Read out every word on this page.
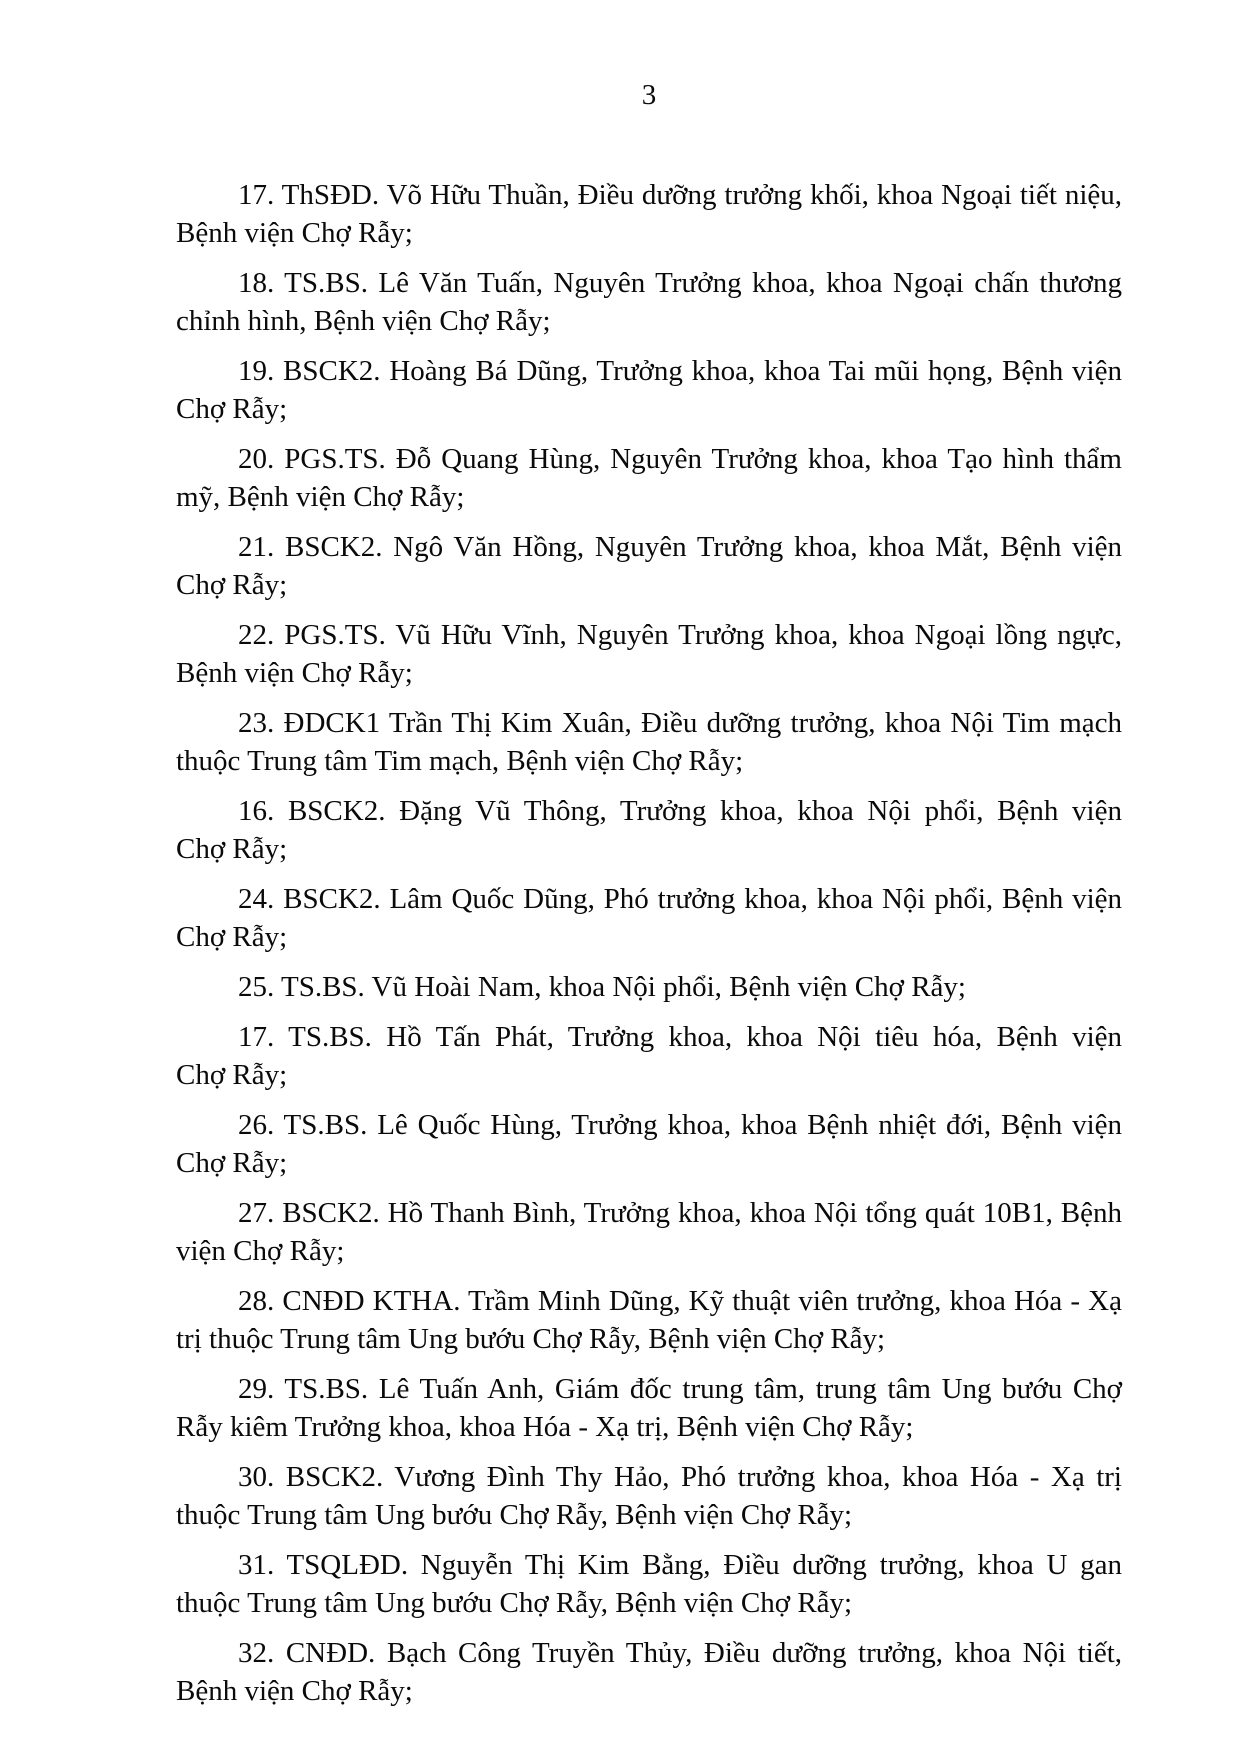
3
17. ThSĐD. Võ Hữu Thuần, Điều dưỡng trưởng khối, khoa Ngoại tiết niệu,
Bệnh viện Chợ Rẫy;
18. TS.BS. Lê Văn Tuấn, Nguyên Trưởng khoa, khoa Ngoại chấn thương
chỉnh hình, Bệnh viện Chợ Rẫy;
19. BSCK2. Hoàng Bá Dũng, Trưởng khoa, khoa Tai mũi họng, Bệnh viện
Chợ Rẫy;
20. PGS.TS. Đỗ Quang Hùng, Nguyên Trưởng khoa, khoa Tạo hình thẩm
mỹ, Bệnh viện Chợ Rẫy;
21. BSCK2. Ngô Văn Hồng, Nguyên Trưởng khoa, khoa Mắt, Bệnh viện
Chợ Rẫy;
22. PGS.TS. Vũ Hữu Vĩnh, Nguyên Trưởng khoa, khoa Ngoại lồng ngực,
Bệnh viện Chợ Rẫy;
23. ĐDCK1 Trần Thị Kim Xuân, Điều dưỡng trưởng, khoa Nội Tim mạch
thuộc Trung tâm Tim mạch, Bệnh viện Chợ Rẫy;
16. BSCK2. Đặng Vũ Thông, Trưởng khoa, khoa Nội phổi, Bệnh viện
Chợ Rẫy;
24. BSCK2. Lâm Quốc Dũng, Phó trưởng khoa, khoa Nội phổi, Bệnh viện
Chợ Rẫy;
25. TS.BS. Vũ Hoài Nam, khoa Nội phổi, Bệnh viện Chợ Rẫy;
17. TS.BS. Hồ Tấn Phát, Trưởng khoa, khoa Nội tiêu hóa, Bệnh viện
Chợ Rẫy;
26. TS.BS. Lê Quốc Hùng, Trưởng khoa, khoa Bệnh nhiệt đới, Bệnh viện
Chợ Rẫy;
27. BSCK2. Hồ Thanh Bình, Trưởng khoa, khoa Nội tổng quát 10B1, Bệnh
viện Chợ Rẫy;
28. CNĐD KTHA. Trầm Minh Dũng, Kỹ thuật viên trưởng, khoa Hóa - Xạ
trị thuộc Trung tâm Ung bướu Chợ Rẫy, Bệnh viện Chợ Rẫy;
29. TS.BS. Lê Tuấn Anh, Giám đốc trung tâm, trung tâm Ung bướu Chợ
Rẫy kiêm Trưởng khoa, khoa Hóa - Xạ trị, Bệnh viện Chợ Rẫy;
30. BSCK2. Vương Đình Thy Hảo, Phó trưởng khoa, khoa Hóa - Xạ trị
thuộc Trung tâm Ung bướu Chợ Rẫy, Bệnh viện Chợ Rẫy;
31. TSQLĐD. Nguyễn Thị Kim Bằng, Điều dưỡng trưởng, khoa U gan
thuộc Trung tâm Ung bướu Chợ Rẫy, Bệnh viện Chợ Rẫy;
32. CNĐD. Bạch Công Truyền Thủy, Điều dưỡng trưởng, khoa Nội tiết,
Bệnh viện Chợ Rẫy;
